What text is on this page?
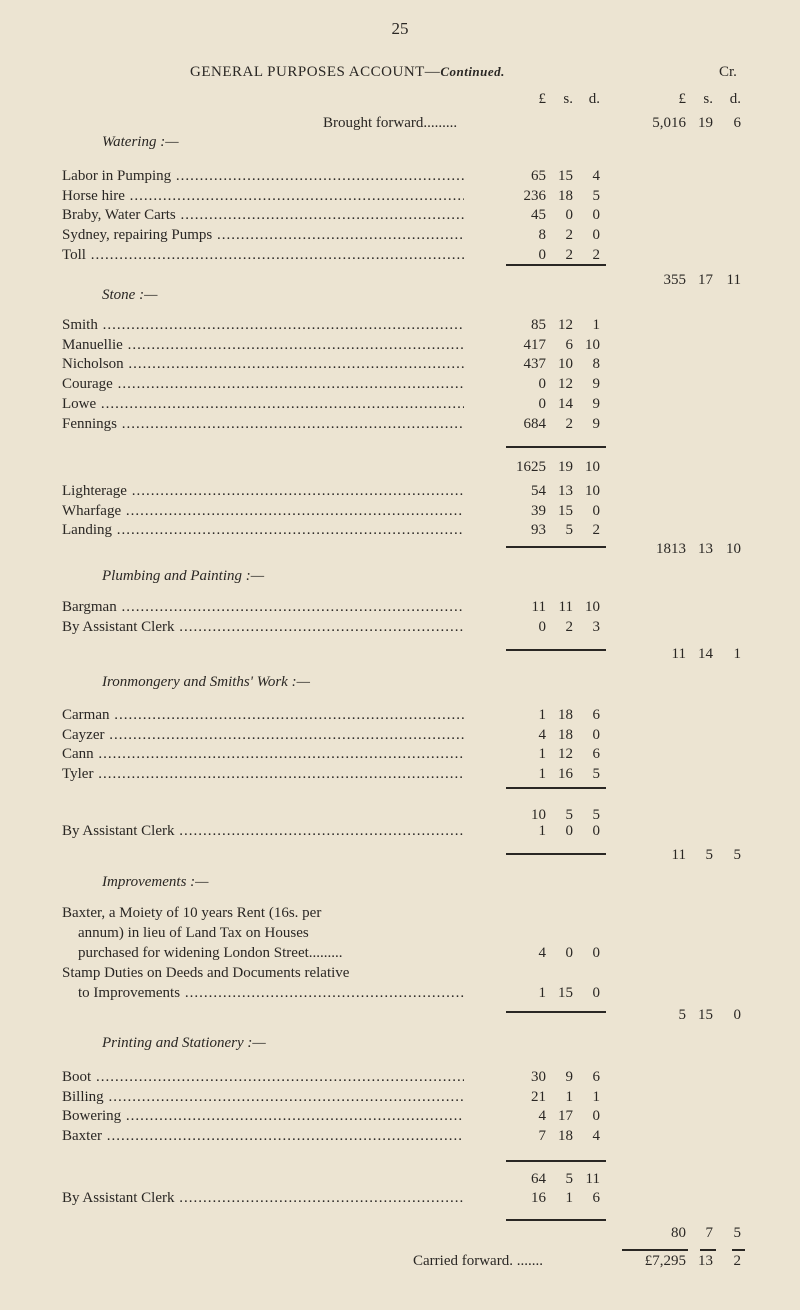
25
GENERAL PURPOSES ACCOUNT—Continued.	Cr.
£ s. d.	£ s. d.
Brought forward.........	5,016 19 6
Watering :—
Labor in Pumping .....	65 15 4
Horse hire .....	236 18 5
Braby, Water Carts .....	45 0 0
Sydney, repairing Pumps .....	8 2 0
Toll .....	0 2 2
355 17 11
Stone :—
Smith .....	85 12 1
Manuellie .....	417 6 10
Nicholson .....	437 10 8
Courage .....	0 12 9
Lowe .....	0 14 9
Fennings .....	684 2 9
1625 19 10
Lighterage .....	54 13 10
Wharfage .....	39 15 0
Landing .....	93 5 2
1813 13 10
Plumbing and Painting :—
Bargman .....	11 11 10
By Assistant Clerk .....	0 2 3
11 14 1
Ironmongery and Smiths' Work :—
Carman .....	1 18 6
Cayzer .....	4 18 0
Cann .....	1 12 6
Tyler .....	1 16 5
10 5 5
By Assistant Clerk .....	1 0 0
11 5 5
Improvements :—
Baxter, a Moiety of 10 years Rent (16s. per
annum) in lieu of Land Tax on Houses
purchased for widening London Street.........	4 0 0
Stamp Duties on Deeds and Documents relative
to Improvements .....	1 15 0
5 15 0
Printing and Stationery :—
Boot .....	30 9 6
Billing .....	21 1 1
Bowering .....	4 17 0
Baxter .....	7 18 4
64 5 11
By Assistant Clerk .....	16 1 6
80 7 5
Carried forward. .......	£7,295 13 2
